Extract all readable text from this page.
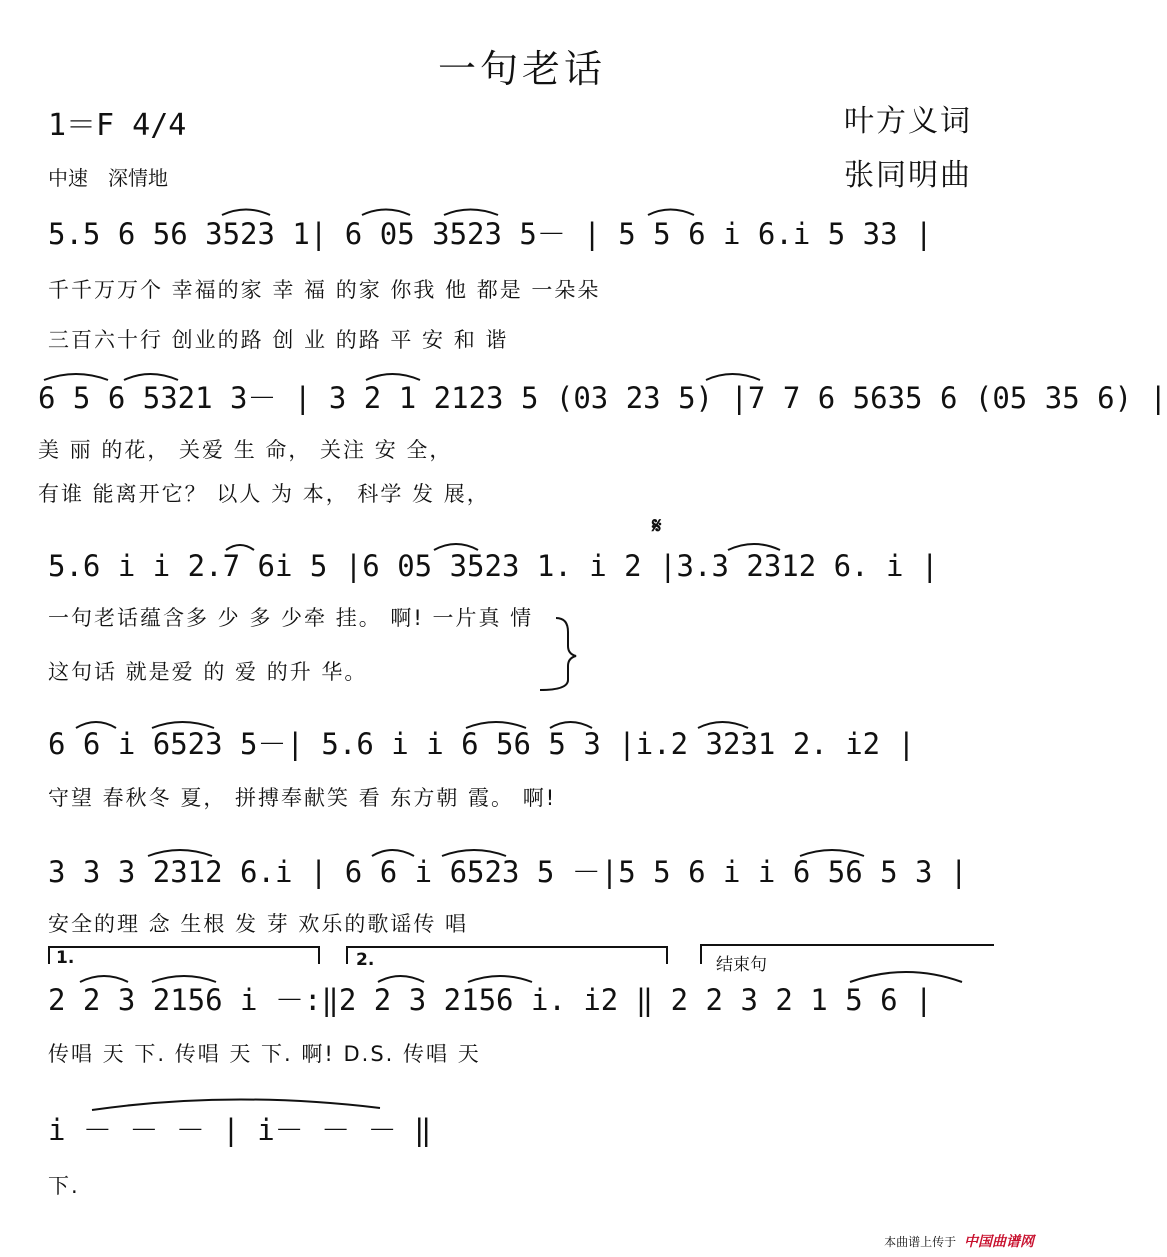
一句老话
1＝F 4/4
中速　深情地
叶方义词
张同明曲
5.5 6 56 3523 1| 6 05 3523 5－ | 5 5 6 i 6.i 5 33 |
千千万万个 幸福的家 幸 福 的家 你我 他 都是 一朵朵
三百六十行 创业的路 创 业 的路 平 安 和 谐
6 5 6 5321 3－ | 3 2 1 2123 5 (03 23 5) |7 7 6 5635 6 (05 35 6) |
美 丽 的花， 关爱 生 命， 关注 安 全，
有谁 能离开它？ 以人 为 本， 科学 发 展，
𝄋
5.6 i i 2.7 6i 5 |6 05 3523 1. i 2 |3.3 2312 6. i |
一句老话蕴含多 少 多 少牵 挂。 啊! 一片真 情
这句话 就是爱 的 爱 的升 华。
6 6 i 6523 5－| 5.6 i i 6 56 5 3 |i.2 3231 2. i2 |
守望 春秋冬 夏， 拼搏奉献笑 看 东方朝 霞。 啊!
3 3 3 2312 6.i | 6 6 i 6523 5 －|5 5 6 i i 6 56 5 3 |
安全的理 念 生根 发 芽 欢乐的歌谣传 唱
1.	2.	结束句
2 2 3 2156 i －:‖2 2 3 2156 i. i2 ‖ 2 2 3 2 1 5 6 |
传唱 天 下. 传唱 天 下. 啊! D.S. 传唱 天
i － － － | i－ － － ‖
下.
本曲谱上传于 中国曲谱网
